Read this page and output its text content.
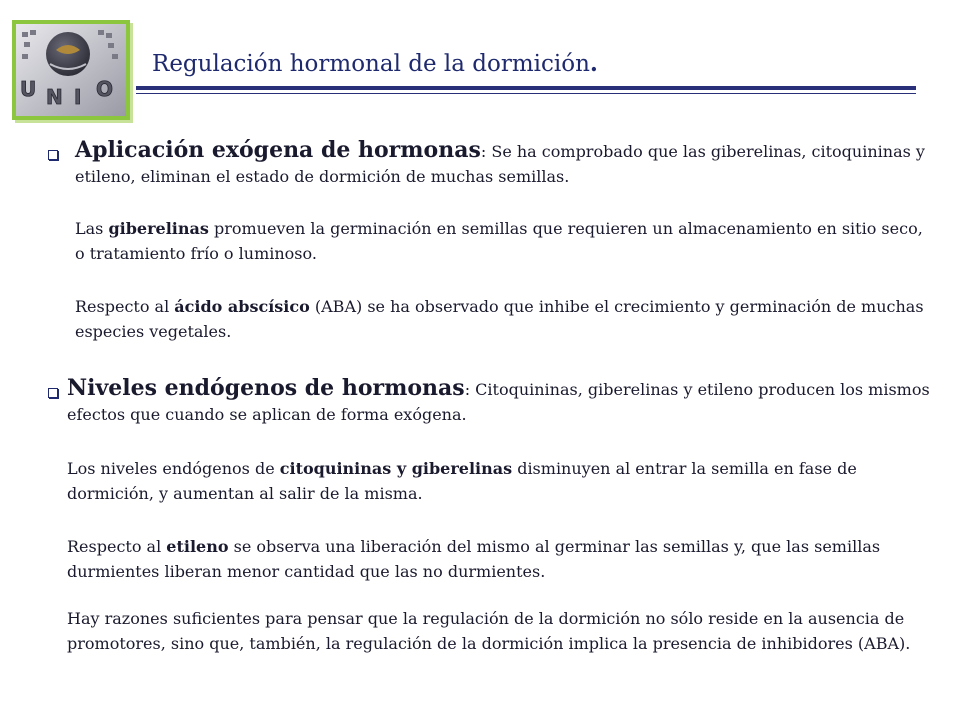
U N I O
Regulación hormonal de la dormición.

Aplicación exógena de hormonas: Se ha comprobado que las giberelinas, citoquininas y etileno, eliminan el estado de dormición de muchas semillas.

Las giberelinas promueven la germinación en semillas que requieren un almacenamiento en sitio seco, o tratamiento frío o luminoso.

Respecto al ácido abscísico (ABA) se ha observado que inhibe el crecimiento y germinación de muchas especies vegetales.

Niveles endógenos de hormonas: Citoquininas, giberelinas y etileno producen los mismos efectos que cuando se aplican de forma exógena.

Los niveles endógenos de citoquininas y giberelinas disminuyen al entrar la semilla en fase de dormición, y aumentan al salir de la misma.

Respecto al etileno se observa una liberación del mismo al germinar las semillas y, que las semillas durmientes liberan menor cantidad que las no durmientes.

Hay razones suficientes para pensar que la regulación de la dormición no sólo reside en la ausencia de promotores, sino que, también, la regulación de la dormición implica la presencia de inhibidores (ABA).
